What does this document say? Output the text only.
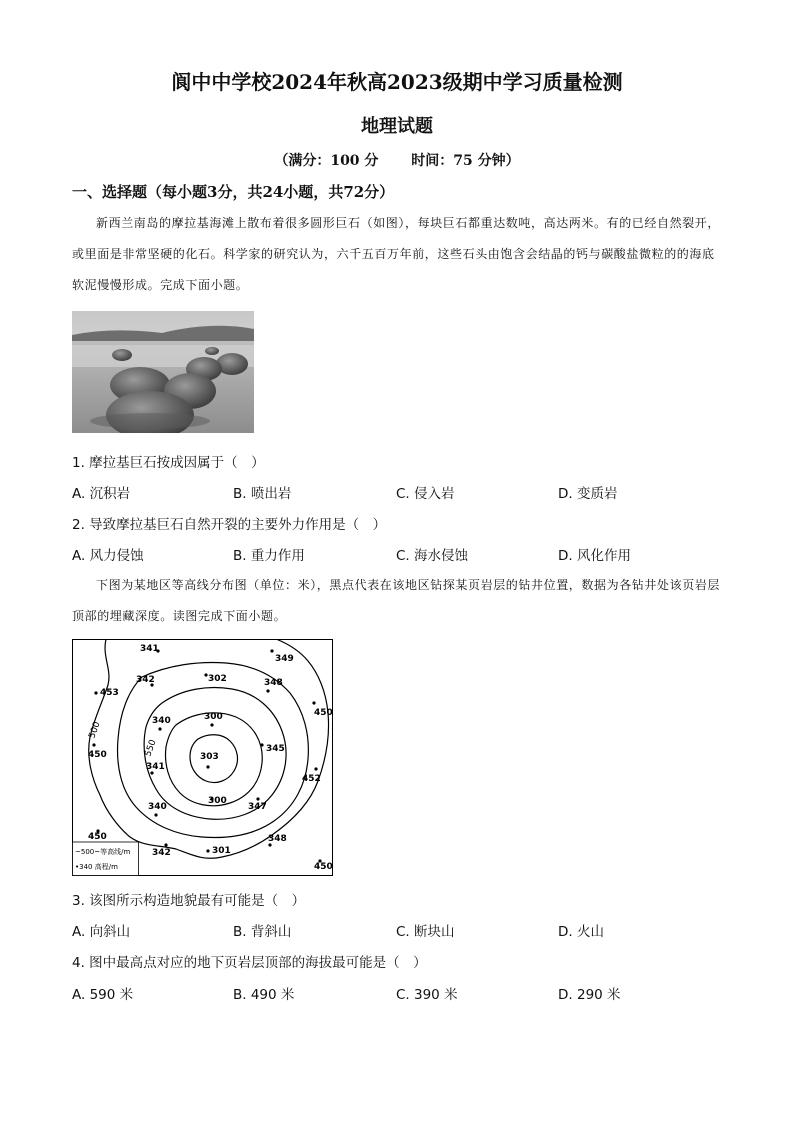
阆中中学校2024年秋高2023级期中学习质量检测
地理试题
（满分：100 分　　 时间：75 分钟）
一、选择题（每小题3分，共24小题，共72分）
新西兰南岛的摩拉基海滩上散布着很多圆形巨石（如图），每块巨石都重达数吨，高达两米。有的已经自然裂开，或里面是非常坚硬的化石。科学家的研究认为，六千五百万年前，这些石头由饱含会结晶的钙与碳酸盐微粒的的海底软泥慢慢形成。完成下面小题。
1. 摩拉基巨石按成因属于（　）
A. 沉积岩	B. 喷出岩	C. 侵入岩	D. 变质岩
2. 导致摩拉基巨石自然开裂的主要外力作用是（　）
A. 风力侵蚀	B. 重力作用	C. 海水侵蚀	D. 风化作用
下图为某地区等高线分布图（单位：米），黑点代表在该地区钻探某页岩层的钻井位置，数据为各钻井处该页岩层顶部的埋藏深度。读图完成下面小题。
500
550
341
349
453
342	302	348
450
340	300
450
345
303
341
452
340
300
347
450	348
342	301
450
~500~等高线/m
•340 高程/m
3. 该图所示构造地貌最有可能是（　）
A. 向斜山	B. 背斜山	C. 断块山	D. 火山
4. 图中最高点对应的地下页岩层顶部的海拔最可能是（　）
A. 590 米	B. 490 米	C. 390 米	D. 290 米
